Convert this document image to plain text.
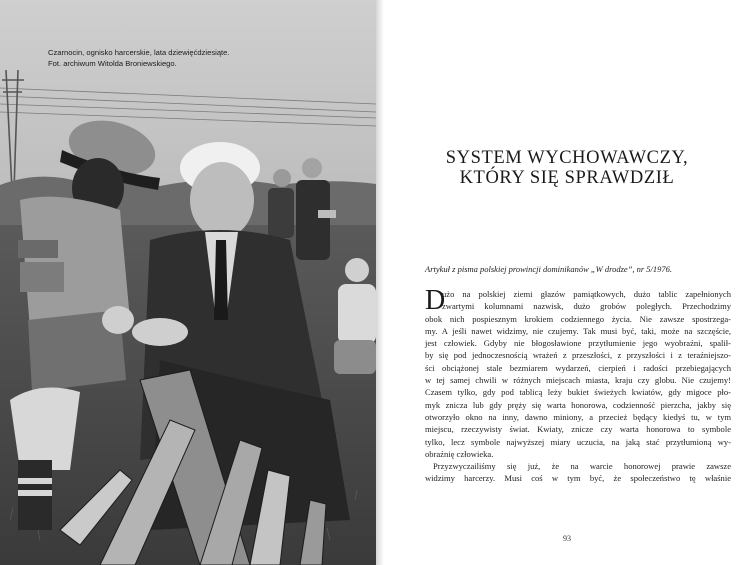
Czarnocin, ognisko harcerskie, lata dziewięćdziesiąte.
Fot. archiwum Witolda Broniewskiego.
SYSTEM WYCHOWAWCZY,
KTÓRY SIĘ SPRAWDZIŁ
Artykuł z pisma polskiej prowincji dominikanów „W drodze”, nr 5/1976.
D
użo na polskiej ziemi głazów pamiątkowych, dużo tablic zapełnionych
zwartymi kolumnami nazwisk, dużo grobów poległych. Przechodzimy
obok nich pospiesznym krokiem codziennego życia. Nie zawsze spostrzega-
my. A jeśli nawet widzimy, nie czujemy. Tak musi być, taki, może na szczęście,
jest człowiek. Gdyby nie błogosławione przytłumienie jego wyobraźni, spalił-
by się pod jednoczesnością wrażeń z przeszłości, z przyszłości i z teraźniejszo-
ści obciążonej stale bezmiarem wydarzeń, cierpień i radości przebiegających
w tej samej chwili w różnych miejscach miasta, kraju czy globu. Nie czujemy!
Czasem tylko, gdy pod tablicą leży bukiet świeżych kwiatów, gdy migoce pło-
myk znicza lub gdy pręży się warta honorowa, codzienność pierzcha, jakby się
otworzyło okno na inny, dawno miniony, a przecież będący kiedyś tu, w tym
miejscu, rzeczywisty świat. Kwiaty, znicze czy warta honorowa to symbole
tylko, lecz symbole najwyższej miary uczucia, na jaką stać przytłumioną wy-
obraźnię człowieka.
Przyzwyczailiśmy się już, że na warcie honorowej prawie zawsze
widzimy harcerzy. Musi coś w tym być, że społeczeństwo tę właśnie
93
